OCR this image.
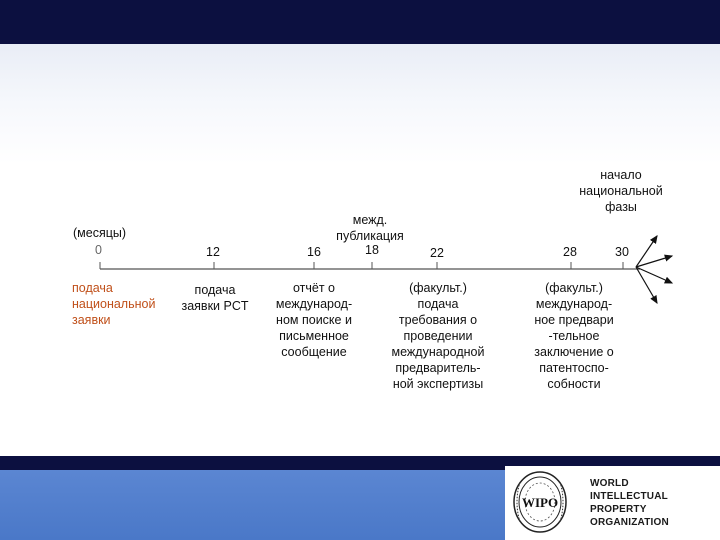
(месяцы)
0	12	16	18	22	28	30
подача
национальной
заявки
подача
заявки PCT
отчёт о
международ-
ном поиске и
письменное
сообщение
межд.
публикация
(факульт.)
подача
требования о
проведении
международной
предваритель-
ной экспертизы
(факульт.)
международ-
ное предвари
-тельное
заключение о
патентоспо-
собности
начало
национальной
фазы
WIPO
WORLD
INTELLECTUAL
PROPERTY
ORGANIZATION
